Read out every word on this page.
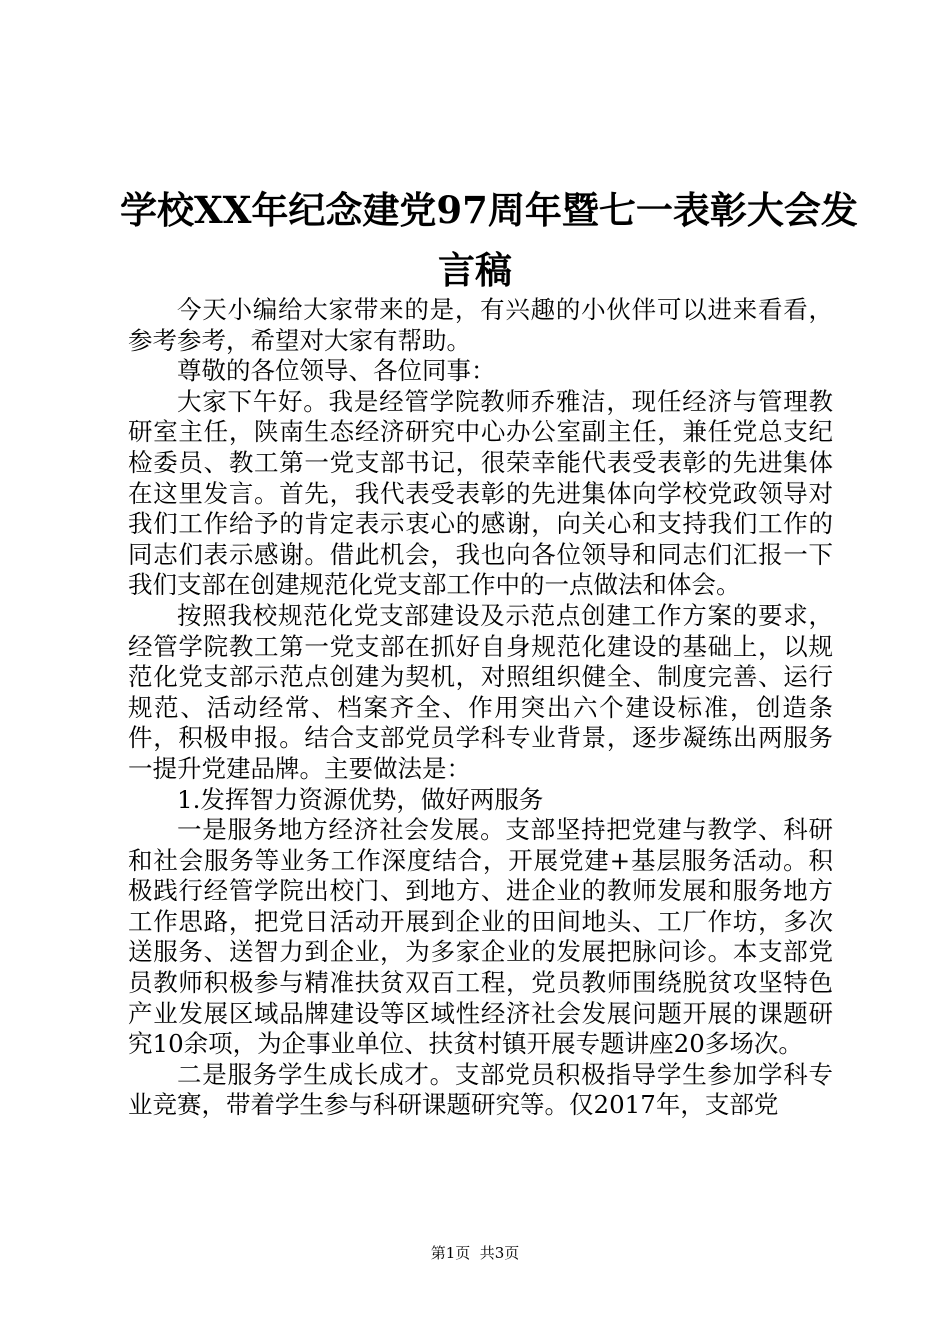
学校XX年纪念建党97周年暨七一表彰大会发
言稿

今天小编给大家带来的是，有兴趣的小伙伴可以进来看看，参考参考，希望对大家有帮助。

尊敬的各位领导、各位同事：

大家下午好。我是经管学院教师乔雅洁，现任经济与管理教研室主任，陕南生态经济研究中心办公室副主任，兼任党总支纪检委员、教工第一党支部书记，很荣幸能代表受表彰的先进集体在这里发言。首先，我代表受表彰的先进集体向学校党政领导对我们工作给予的肯定表示衷心的感谢，向关心和支持我们工作的同志们表示感谢。借此机会，我也向各位领导和同志们汇报一下我们支部在创建规范化党支部工作中的一点做法和体会。

按照我校规范化党支部建设及示范点创建工作方案的要求，经管学院教工第一党支部在抓好自身规范化建设的基础上，以规范化党支部示范点创建为契机，对照组织健全、制度完善、运行规范、活动经常、档案齐全、作用突出六个建设标准，创造条件，积极申报。结合支部党员学科专业背景，逐步凝练出两服务一提升党建品牌。主要做法是：

1.发挥智力资源优势，做好两服务

一是服务地方经济社会发展。支部坚持把党建与教学、科研和社会服务等业务工作深度结合，开展党建+基层服务活动。积极践行经管学院出校门、到地方、进企业的教师发展和服务地方工作思路，把党日活动开展到企业的田间地头、工厂作坊，多次送服务、送智力到企业，为多家企业的发展把脉问诊。本支部党员教师积极参与精准扶贫双百工程，党员教师围绕脱贫攻坚特色产业发展区域品牌建设等区域性经济社会发展问题开展的课题研究10余项，为企事业单位、扶贫村镇开展专题讲座20多场次。

二是服务学生成长成才。支部党员积极指导学生参加学科专业竞赛，带着学生参与科研课题研究等。仅2017年，支部党

第1页  共3页
